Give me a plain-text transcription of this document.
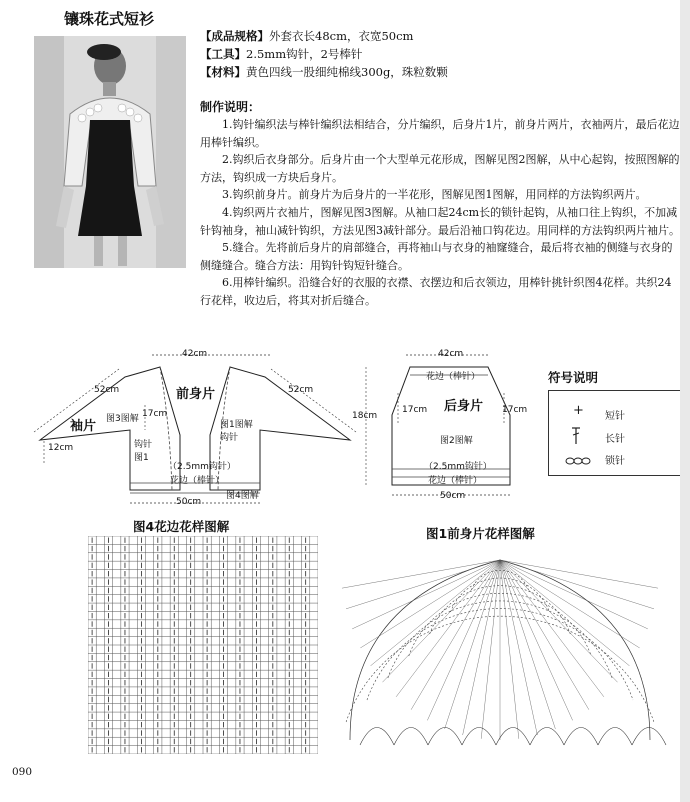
镶珠花式短衫
【成品规格】外套衣长48cm，衣宽50cm
【工具】2.5mm钩针，2号棒针
【材料】黄色四线一股细纯棉线300g，珠粒数颗
制作说明：

1.钩针编织法与棒针编织法相结合，分片编织，后身片1片，前身片两片，衣袖两片，最后花边用棒针编织。

2.钩织后衣身部分。后身片由一个大型单元花形成，图解见图2图解，从中心起钩，按照图解的方法，钩织成一方块后身片。

3.钩织前身片。前身片为后身片的一半花形，图解见图1图解，用同样的方法钩织两片。

4.钩织两片衣袖片，图解见图3图解。从袖口起24cm长的锁针起钩，从袖口往上钩织，不加减针钩袖身，袖山减针钩织，方法见图3减针部分。最后沿袖口钩花边。用同样的方法钩织两片袖片。

5.缝合。先将前后身片的肩部缝合，再将袖山与衣身的袖窿缝合，最后将衣袖的侧缝与衣身的侧缝缝合。缝合方法：用钩针钩短针缝合。

6.用棒针编织。沿缝合好的衣服的衣襟、衣摆边和后衣领边，用棒针挑针织图4花样。共织24行花样，收边后，将其对折后缝合。

42cm
52cm	52cm
12cm
17cm
前身片
袖片 图3图解
钩针图1
图1图解钩针
（2.5mm钩针）
花边（棒针）
图4图解
50cm
42cm
花边（棒针）
18cm
17cm	17cm
后身片
图2图解
（2.5mm钩针）
花边（棒针）
50cm
符号说明
+ 短针
长针
锁针
图4花边花样图解	图1前身片花样图解
090
